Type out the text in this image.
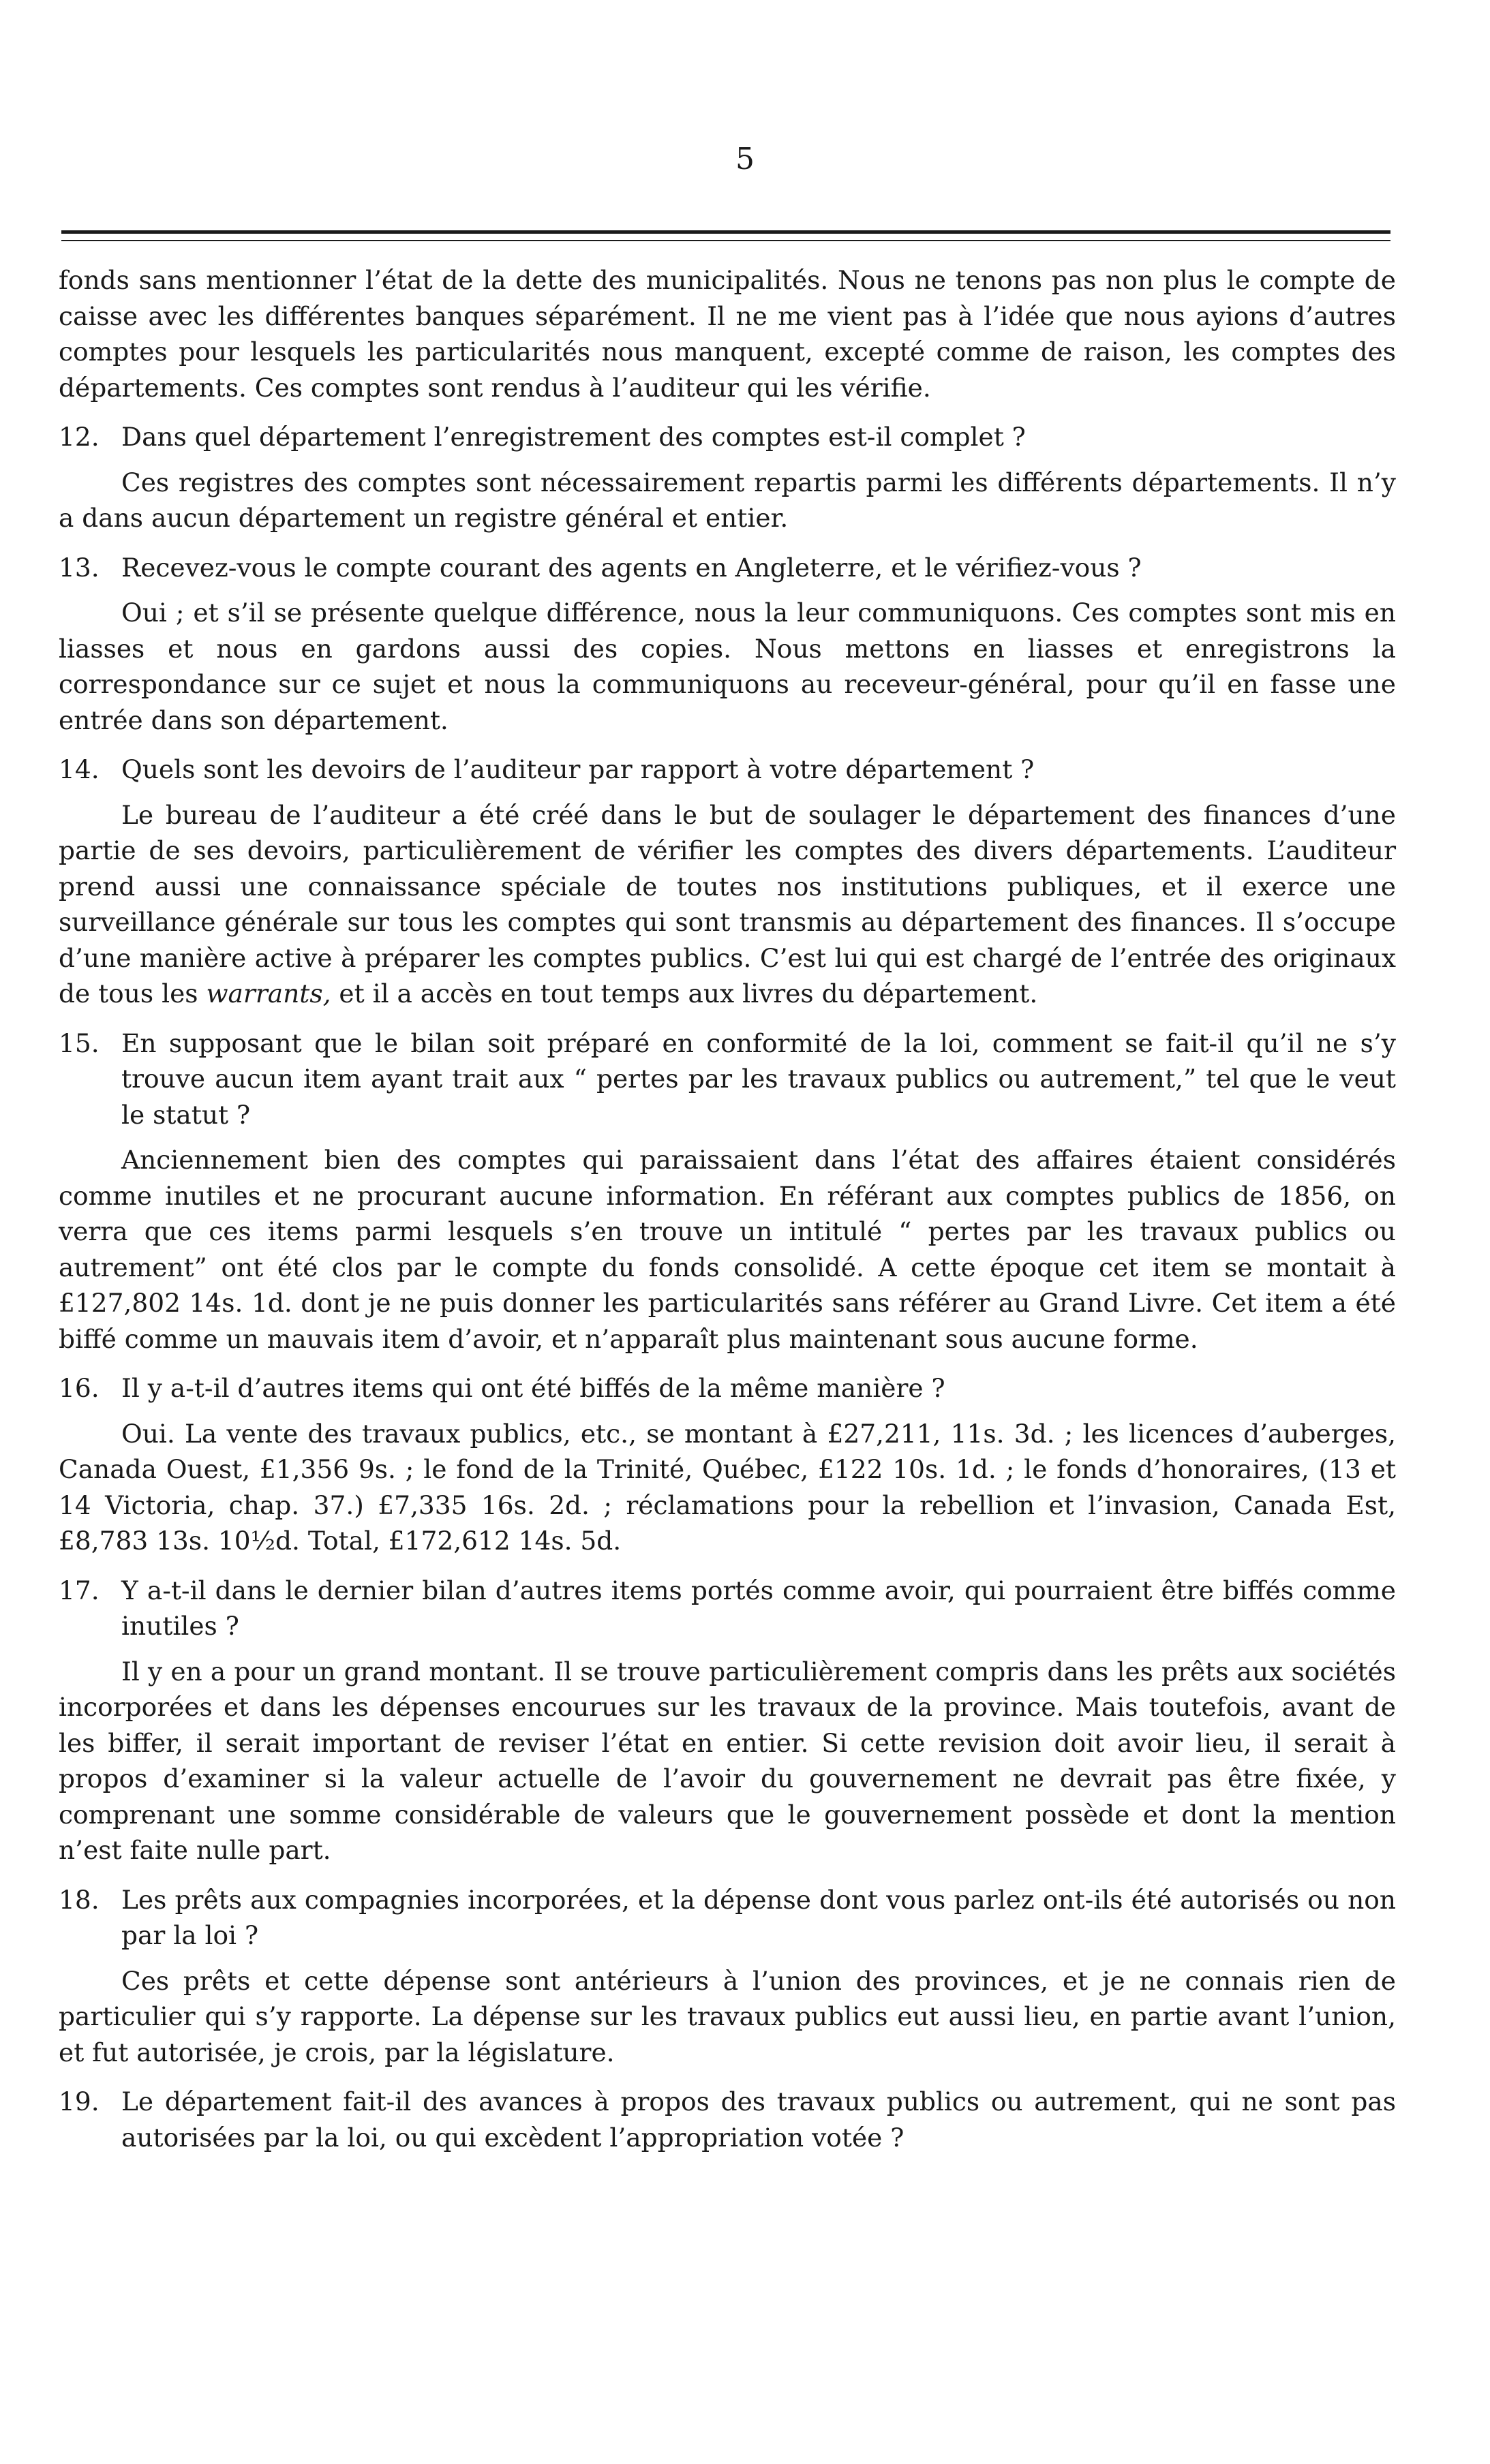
5

fonds sans mentionner l’état de la dette des municipalités. Nous ne tenons pas non plus le compte de caisse avec les différentes banques séparément. Il ne me vient pas à l’idée que nous ayions d’autres comptes pour lesquels les particularités nous manquent, excepté comme de raison, les comptes des départements. Ces comptes sont rendus à l’auditeur qui les vérifie.

12. Dans quel département l’enregistrement des comptes est-il complet ?

Ces registres des comptes sont nécessairement repartis parmi les différents départements. Il n’y a dans aucun département un registre général et entier.

13. Recevez-vous le compte courant des agents en Angleterre, et le vérifiez-vous ?

Oui ; et s’il se présente quelque différence, nous la leur communiquons. Ces comptes sont mis en liasses et nous en gardons aussi des copies. Nous mettons en liasses et enregistrons la correspondance sur ce sujet et nous la communiquons au receveur-général, pour qu’il en fasse une entrée dans son département.

14. Quels sont les devoirs de l’auditeur par rapport à votre département ?

Le bureau de l’auditeur a été créé dans le but de soulager le département des finances d’une partie de ses devoirs, particulièrement de vérifier les comptes des divers départements. L’auditeur prend aussi une connaissance spéciale de toutes nos institutions publiques, et il exerce une surveillance générale sur tous les comptes qui sont transmis au département des finances. Il s’occupe d’une manière active à préparer les comptes publics. C’est lui qui est chargé de l’entrée des originaux de tous les warrants, et il a accès en tout temps aux livres du département.

15. En supposant que le bilan soit préparé en conformité de la loi, comment se fait-il qu’il ne s’y trouve aucun item ayant trait aux “ pertes par les travaux publics ou autrement,” tel que le veut le statut ?

Anciennement bien des comptes qui paraissaient dans l’état des affaires étaient considérés comme inutiles et ne procurant aucune information. En référant aux comptes publics de 1856, on verra que ces items parmi lesquels s’en trouve un intitulé “ pertes par les travaux publics ou autrement” ont été clos par le compte du fonds consolidé. A cette époque cet item se montait à £127,802 14s. 1d. dont je ne puis donner les particularités sans référer au Grand Livre. Cet item a été biffé comme un mauvais item d’avoir, et n’apparaît plus maintenant sous aucune forme.

16. Il y a-t-il d’autres items qui ont été biffés de la même manière ?

Oui. La vente des travaux publics, etc., se montant à £27,211, 11s. 3d. ; les licences d’auberges, Canada Ouest, £1,356 9s. ; le fond de la Trinité, Québec, £122 10s. 1d. ; le fonds d’honoraires, (13 et 14 Victoria, chap. 37.) £7,335 16s. 2d. ; réclamations pour la rebellion et l’invasion, Canada Est, £8,783 13s. 10½d. Total, £172,612 14s. 5d.

17. Y a-t-il dans le dernier bilan d’autres items portés comme avoir, qui pourraient être biffés comme inutiles ?

Il y en a pour un grand montant. Il se trouve particulièrement compris dans les prêts aux sociétés incorporées et dans les dépenses encourues sur les travaux de la province. Mais toutefois, avant de les biffer, il serait important de reviser l’état en entier. Si cette revision doit avoir lieu, il serait à propos d’examiner si la valeur actuelle de l’avoir du gouvernement ne devrait pas être fixée, y comprenant une somme considérable de valeurs que le gouvernement possède et dont la mention n’est faite nulle part.

18. Les prêts aux compagnies incorporées, et la dépense dont vous parlez ont-ils été autorisés ou non par la loi ?

Ces prêts et cette dépense sont antérieurs à l’union des provinces, et je ne connais rien de particulier qui s’y rapporte. La dépense sur les travaux publics eut aussi lieu, en partie avant l’union, et fut autorisée, je crois, par la législature.

19. Le département fait-il des avances à propos des travaux publics ou autrement, qui ne sont pas autorisées par la loi, ou qui excèdent l’appropriation votée ?
